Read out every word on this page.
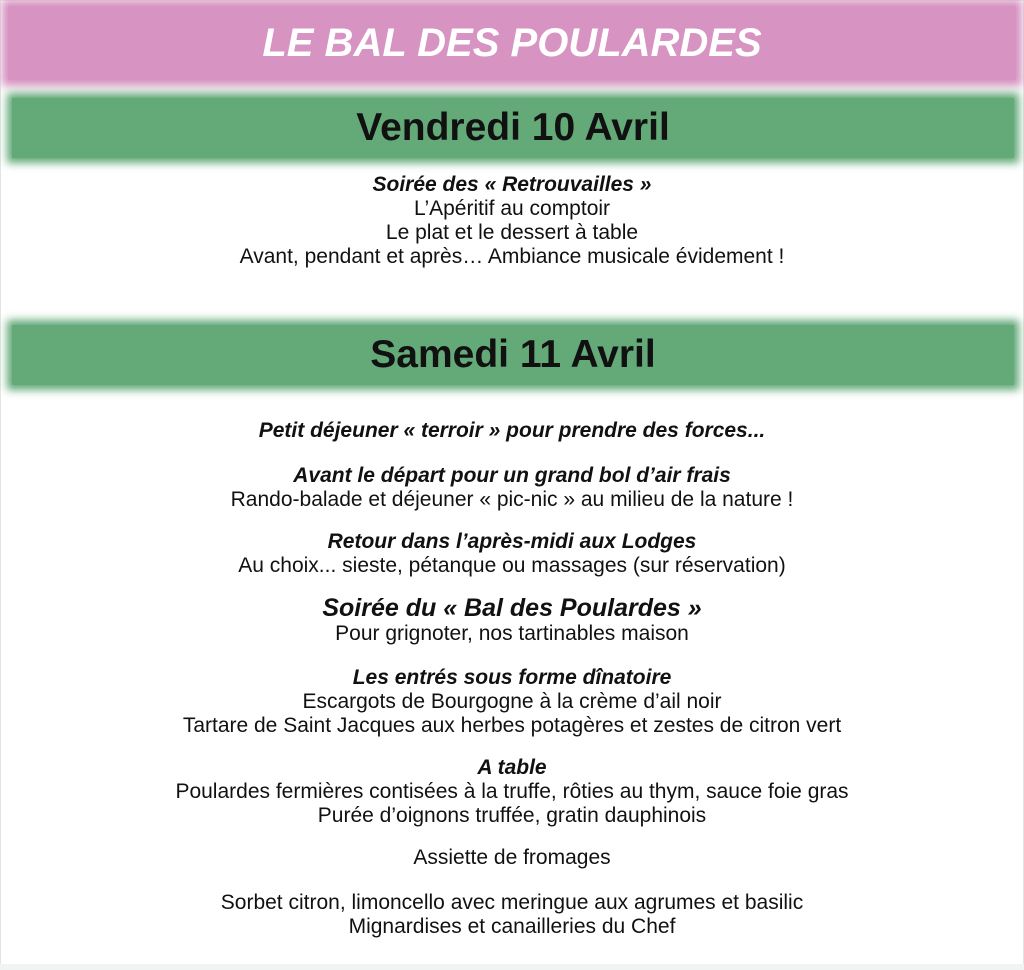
LE BAL DES POULARDES
Vendredi 10 Avril
Soirée des « Retrouvailles »
L’Apéritif au comptoir
Le plat et le dessert à table
Avant, pendant et après… Ambiance musicale évidement !
Samedi 11 Avril
Petit déjeuner « terroir » pour prendre des forces...
Avant le départ pour un grand bol d’air frais
Rando-balade et déjeuner « pic-nic » au milieu de la nature !
Retour dans l’après-midi aux Lodges
Au choix... sieste, pétanque ou massages (sur réservation)
Soirée du « Bal des Poulardes »
Pour grignoter, nos tartinables maison
Les entrés sous forme dînatoire
Escargots de Bourgogne à la crème d’ail noir
Tartare de Saint Jacques aux herbes potagères et zestes de citron vert
A table
Poulardes fermières contisées à la truffe, rôties au thym, sauce foie gras
Purée d’oignons truffée, gratin dauphinois
Assiette de fromages
Sorbet citron, limoncello avec meringue aux agrumes et basilic
Mignardises et canailleries du Chef
